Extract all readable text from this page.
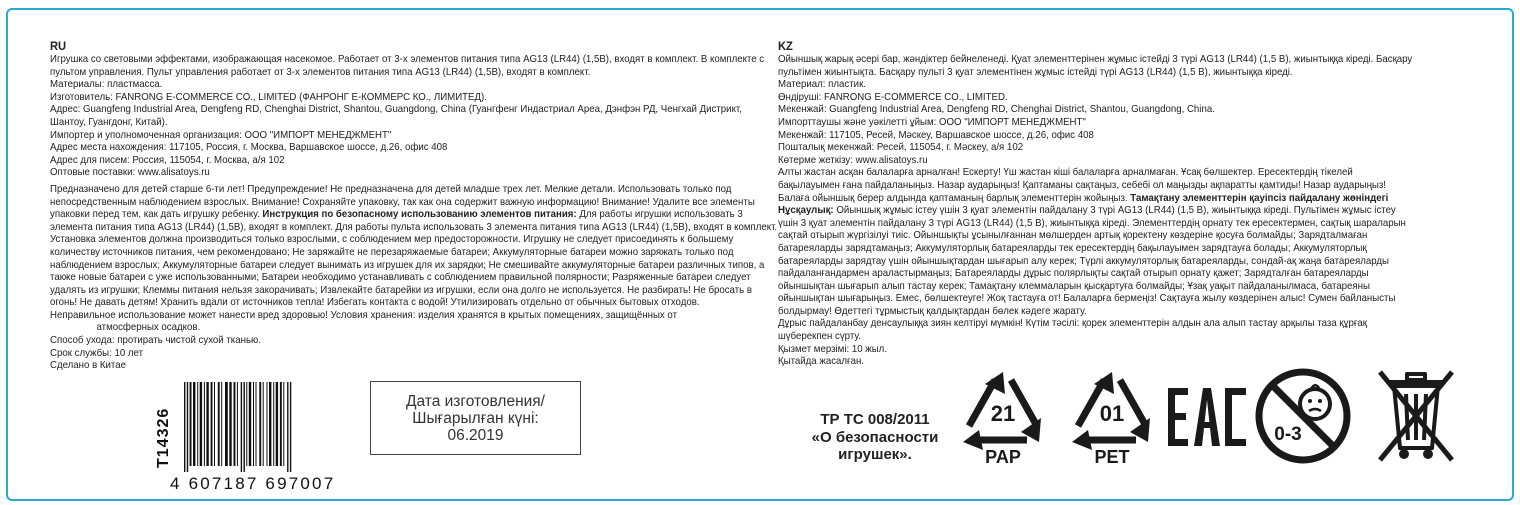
RU

Игрушка со световыми эффектами, изображающая насекомое. Работает от 3-х элементов питания типа AG13 (LR44) (1,5В), входят в комплект. В комплекте с пультом управления. Пульт управления работает от 3-х элементов питания типа AG13 (LR44) (1,5В), входят в комплект.

Материалы: пластмасса.

Изготовитель: FANRONG E-COMMERCE CO., LIMITED (ФАНРОНГ Е-КОММЕРС КО., ЛИМИТЕД).

Адрес: Guangfeng Industrial Area, Dengfeng RD, Chenghai District, Shantou, Guangdong, China (Гуангфенг Индастриал Ареа, Дэнфэн РД, Ченгхай Дистрикт, Шантоу, Гуангдонг, Китай).

Импортер и уполномоченная организация: ООО "ИМПОРТ МЕНЕДЖМЕНТ"

Адрес места нахождения: 117105, Россия, г. Москва, Варшавское шоссе, д.26, офис 408

Адрес для писем: Россия, 115054, г. Москва, а/я 102

Оптовые поставки: www.alisatoys.ru

Предназначено для детей старше 6-ти лет! Предупреждение! Не предназначена для детей младше трех лет. Мелкие детали. Использовать только под непосредственным наблюдением взрослых. Внимание! Сохраняйте упаковку, так как она содержит важную информацию! Внимание! Удалите все элементы упаковки перед тем, как дать игрушку ребенку. Инструкция по безопасному использованию элементов питания: Для работы игрушки использовать 3 элемента питания типа AG13 (LR44) (1,5В), входят в комплект. Для работы пульта использовать 3 элемента питания типа AG13 (LR44) (1,5В), входят в комплект. Установка элементов должна производиться только взрослыми, с соблюдением мер предосторожности. Игрушку не следует присоединять к большему количеству источников питания, чем рекомендовано; Не заряжайте не перезаряжаемые батареи; Аккумуляторные батареи можно заряжать только под наблюдением взрослых; Аккумуляторные батареи следует вынимать из игрушек для их зарядки; Не смешивайте аккумуляторные батареи различных типов, а также новые батареи с уже использованными; Батареи необходимо устанавливать с соблюдением правильной полярности; Разряженные батареи следует удалять из игрушки; Клеммы питания нельзя закорачивать; Извлекайте батарейки из игрушки, если она долго не используется. Не разбирать! Не бросать в огонь! Не давать детям! Хранить вдали от источников тепла! Избегать контакта с водой! Утилизировать отдельно от обычных бытовых отходов.

Неправильное использование может нанести вред здоровью! Условия хранения: изделия хранятся в крытых помещениях, защищённых от

атмосферных осадков.

Способ ухода: протирать чистой сухой тканью.

Срок службы: 10 лет

Сделано в Китае

KZ

Ойыншық жарық әсері бар, жәндіктер бейнеленеді. Қуат элементтерінен жұмыс істейді 3 түрі AG13 (LR44) (1,5 В), жиынтыққа кіреді. Басқару пультімен жиынтықта. Басқару пульті 3 қуат элементінен жұмыс істейді түрі AG13 (LR44) (1,5 В), жиынтыққа кіреді.

Материал: пластик.

Өндіруші: FANRONG E-COMMERCE CO., LIMITED.

Мекенжай: Guangfeng Industrial Area, Dengfeng RD, Chenghai District, Shantou, Guangdong, China.

Импорттаушы және уәкілетті ұйым: ООО "ИМПОРТ МЕНЕДЖМЕНТ"

Мекенжай: 117105, Ресей, Мәскеу, Варшавское шоссе, д.26, офис 408

Пошталық мекенжай: Ресей, 115054, г. Мәскеу, а/я 102

Көтерме жеткізу: www.alisatoys.ru

Алты жастан асқан балаларға арналған! Ескерту! Үш жастан кіші балаларға арналмаған. Ұсақ бөлшектер. Ересектердің тікелей бақылауымен ғана пайдаланыңыз. Назар аударыңыз! Қаптаманы сақтаңыз, себебі ол маңызды ақпаратты қамтиды! Назар аударыңыз! Балаға ойыншық берер алдында қаптаманың барлық элементтерін жойыңыз. Тамақтану элементтерін қауіпсіз пайдалану жөніндегі Нұсқаулық: Ойыншық жұмыс істеу үшін 3 қуат элементін пайдалану 3 түрі AG13 (LR44) (1,5 В), жиынтыққа кіреді. Пультімен жұмыс істеу үшін 3 қуат элементін пайдалану 3 түрі AG13 (LR44) (1,5 В), жиынтыққа кіреді. Элементтердің орнату тек ересектермен, сақтық шараларын сақтай отырып жүргізілуі тиіс. Ойыншықты ұсынылғаннан мөлшерден артық қоректену көздеріне қосуға болмайды; Зарядталмаған батареяларды зарядтамаңыз; Аккумуляторлық батареяларды тек ересектердің бақылауымен зарядтауға болады; Аккумуляторлық батареяларды зарядтау үшін ойыншықтардан шығарып алу керек; Түрлі аккумуляторлық батареяларды, сондай-ақ жаңа батареяларды пайдаланғандармен араластырмаңыз; Батареяларды дұрыс полярлықты сақтай отырып орнату қажет; Зарядталған батареяларды ойыншықтан шығарып алып тастау керек; Тамақтану клеммаларын қысқартуға болмайды; Ұзақ уақыт пайдаланылмаса, батареяны ойыншықтан шығарыңыз. Емес, бөлшектеуге! Жоқ тастауға от! Балаларға бермеңіз! Сақтауға жылу көздерінен алыс! Сумен байланысты болдырмау! Өдеттегі тұрмыстық қалдықтардан бөлек кәдеге жарату.

Дұрыс пайдаланбау денсаулыққа зиян келтіруі мүмкін! Күтім тәсілі: қорек элементтерін алдын ала алып тастау арқылы таза құрғақ шүберекпен сүрту.

Қызмет мерзімі: 10 жыл.

Қытайда жасалған.

T14326
4 607187 697007
Дата изготовления/
Шығарылған күні:
06.2019
ТР ТС 008/2011
«О безопасности
игрушек».
21
PAP
01
PET
0-3
